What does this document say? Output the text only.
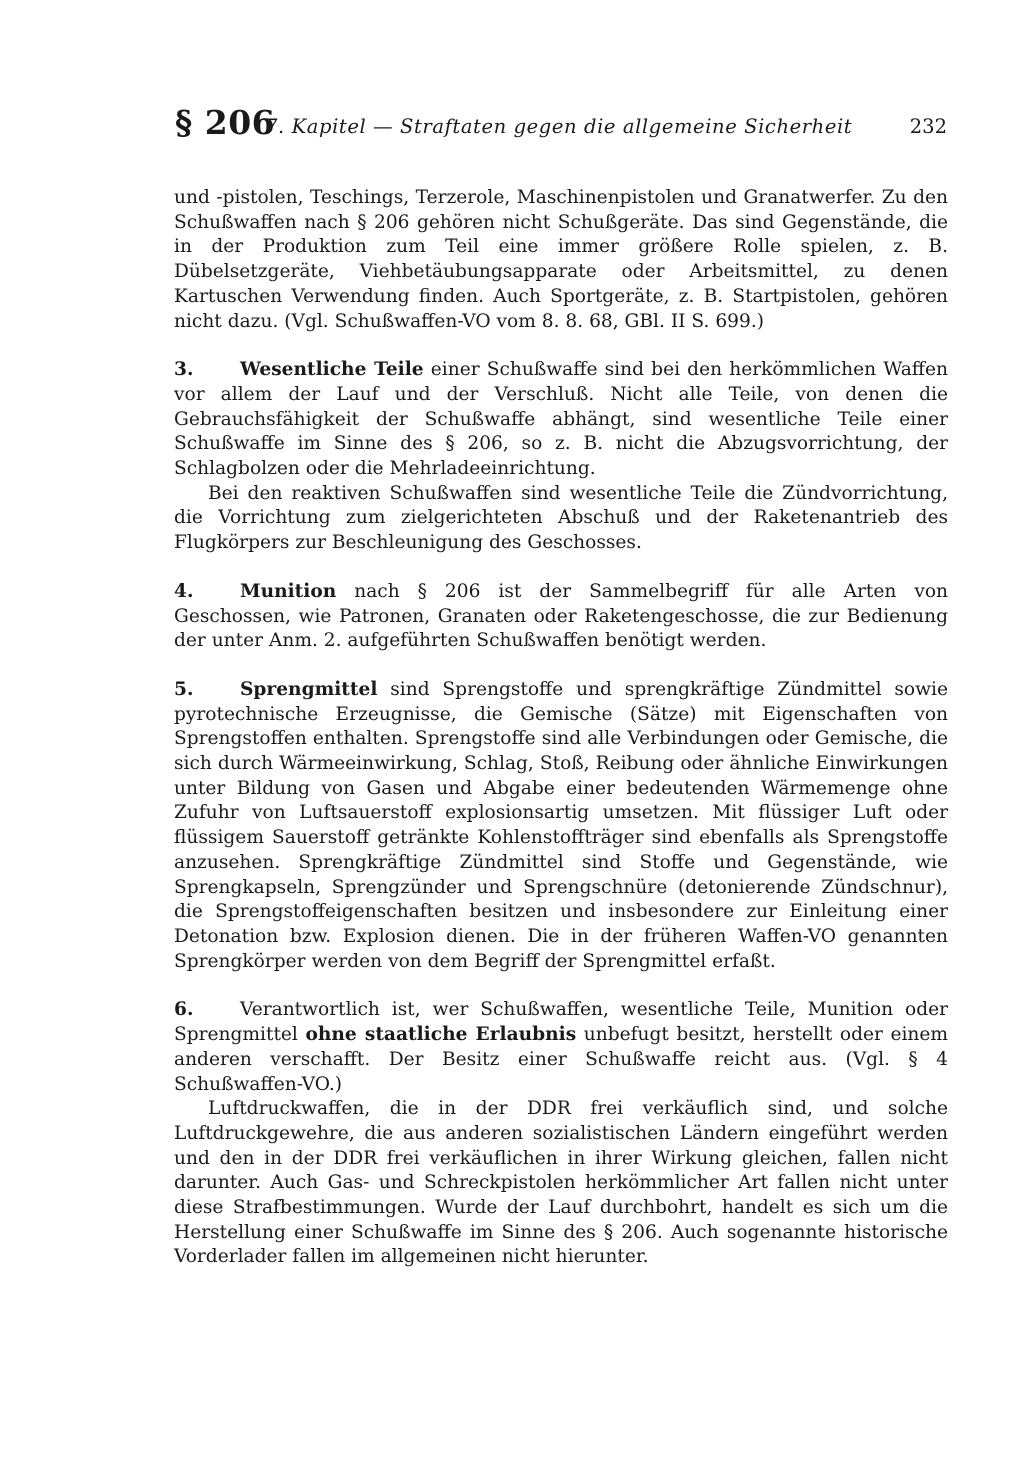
§ 206
7. Kapitel — Straftaten gegen die allgemeine Sicherheit	232

und -pistolen, Teschings, Terzerole, Maschinenpistolen und Granatwerfer. Zu den Schußwaffen nach § 206 gehören nicht Schußgeräte. Das sind Gegenstände, die in der Produktion zum Teil eine immer größere Rolle spielen, z. B. Dübelsetzgeräte, Viehbetäubungsapparate oder Arbeitsmittel, zu denen Kartuschen Verwendung finden. Auch Sportgeräte, z. B. Startpistolen, gehören nicht dazu. (Vgl. Schußwaffen-VO vom 8. 8. 68, GBl. II S. 699.)

3.	Wesentliche Teile einer Schußwaffe sind bei den herkömmlichen Waffen vor allem der Lauf und der Verschluß. Nicht alle Teile, von denen die Gebrauchsfähigkeit der Schußwaffe abhängt, sind wesentliche Teile einer Schußwaffe im Sinne des § 206, so z. B. nicht die Abzugsvorrichtung, der Schlagbolzen oder die Mehrladeeinrichtung.

Bei den reaktiven Schußwaffen sind wesentliche Teile die Zündvorrichtung, die Vorrichtung zum zielgerichteten Abschuß und der Raketenantrieb des Flugkörpers zur Beschleunigung des Geschosses.

4.	Munition nach § 206 ist der Sammelbegriff für alle Arten von Geschossen, wie Patronen, Granaten oder Raketengeschosse, die zur Bedienung der unter Anm. 2. aufgeführten Schußwaffen benötigt werden.

5.	Sprengmittel sind Sprengstoffe und sprengkräftige Zündmittel sowie pyrotechnische Erzeugnisse, die Gemische (Sätze) mit Eigenschaften von Sprengstoffen enthalten. Sprengstoffe sind alle Verbindungen oder Gemische, die sich durch Wärmeeinwirkung, Schlag, Stoß, Reibung oder ähnliche Einwirkungen unter Bildung von Gasen und Abgabe einer bedeutenden Wärmemenge ohne Zufuhr von Luftsauerstoff explosionsartig umsetzen. Mit flüssiger Luft oder flüssigem Sauerstoff getränkte Kohlenstoffträger sind ebenfalls als Sprengstoffe anzusehen. Sprengkräftige Zündmittel sind Stoffe und Gegenstände, wie Sprengkapseln, Sprengzünder und Sprengschnüre (detonierende Zündschnur), die Sprengstoffeigenschaften besitzen und insbesondere zur Einleitung einer Detonation bzw. Explosion dienen. Die in der früheren Waffen-VO genannten Sprengkörper werden von dem Begriff der Sprengmittel erfaßt.

6.	Verantwortlich ist, wer Schußwaffen, wesentliche Teile, Munition oder Sprengmittel ohne staatliche Erlaubnis unbefugt besitzt, herstellt oder einem anderen verschafft. Der Besitz einer Schußwaffe reicht aus. (Vgl. § 4 Schußwaffen-VO.)

Luftdruckwaffen, die in der DDR frei verkäuflich sind, und solche Luftdruckgewehre, die aus anderen sozialistischen Ländern eingeführt werden und den in der DDR frei verkäuflichen in ihrer Wirkung gleichen, fallen nicht darunter. Auch Gas- und Schreckpistolen herkömmlicher Art fallen nicht unter diese Strafbestimmungen. Wurde der Lauf durchbohrt, handelt es sich um die Herstellung einer Schußwaffe im Sinne des § 206. Auch sogenannte historische Vorderlader fallen im allgemeinen nicht hierunter.
